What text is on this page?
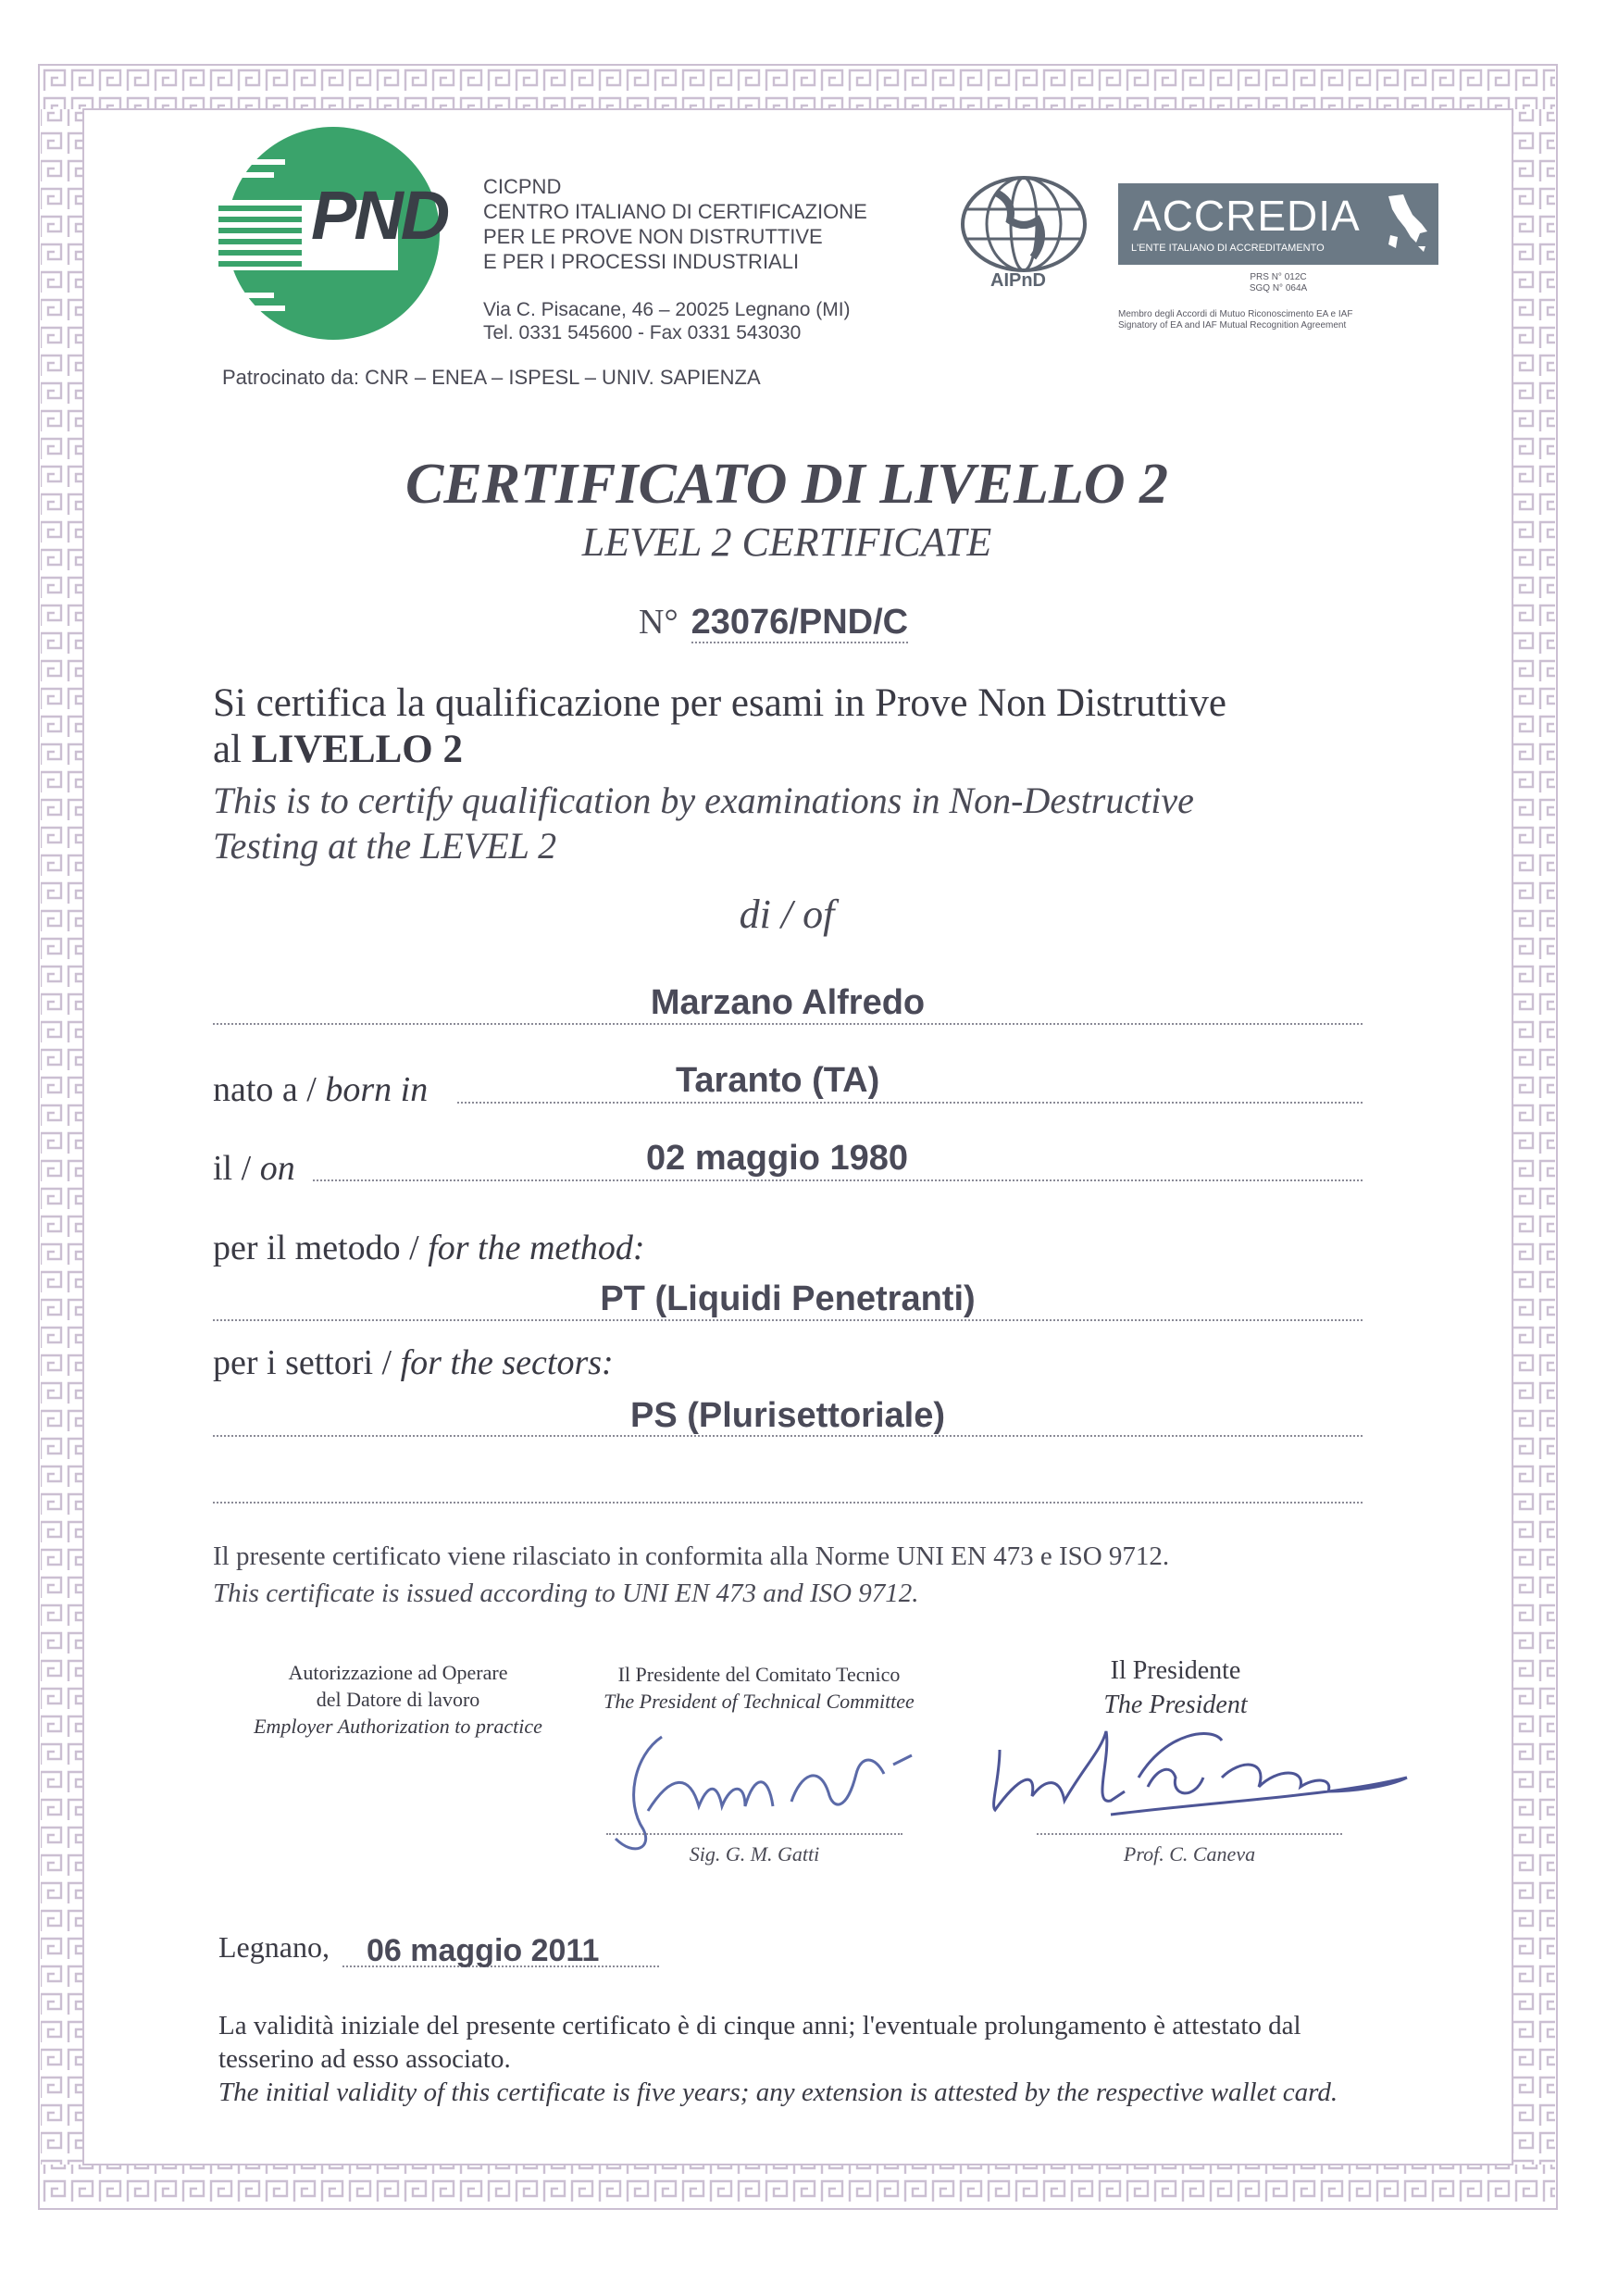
PND CICPND
CENTRO ITALIANO DI CERTIFICAZIONE
PER LE PROVE NON DISTRUTTIVE
E PER I PROCESSI INDUSTRIALI
Via C. Pisacane, 46 – 20025 Legnano (MI)
Tel. 0331 545600 - Fax 0331 543030
AIPnD
ACCREDIA
L'ENTE ITALIANO DI ACCREDITAMENTO
PRS N° 012C
SGQ N° 064A
Membro degli Accordi di Mutuo Riconoscimento EA e IAF
Signatory of EA and IAF Mutual Recognition Agreement
Patrocinato da: CNR – ENEA – ISPESL – UNIV. SAPIENZA
CERTIFICATO DI LIVELLO 2
LEVEL 2 CERTIFICATE
N° 23076/PND/C
Si certifica la qualificazione per esami in Prove Non Distruttive
al LIVELLO 2
This is to certify qualification by examinations in Non-Destructive
Testing at the LEVEL 2
di / of
Marzano Alfredo
nato a / born in	Taranto (TA)
il / on	02 maggio 1980
per il metodo / for the method:
PT (Liquidi Penetranti)
per i settori / for the sectors:
PS (Plurisettoriale)
Il presente certificato viene rilasciato in conformita alla Norme UNI EN 473 e ISO 9712.
This certificate is issued according to UNI EN 473 and ISO 9712.
Autorizzazione ad Operare
del Datore di lavoro
Employer Authorization to practice
Il Presidente del Comitato Tecnico
The President of Technical Committee
Sig. G. M. Gatti
Il Presidente
The President
Prof. C. Caneva
Legnano, 06 maggio 2011
La validità iniziale del presente certificato è di cinque anni; l'eventuale prolungamento è attestato dal tesserino ad esso associato.
The initial validity of this certificate is five years; any extension is attested by the respective wallet card.
